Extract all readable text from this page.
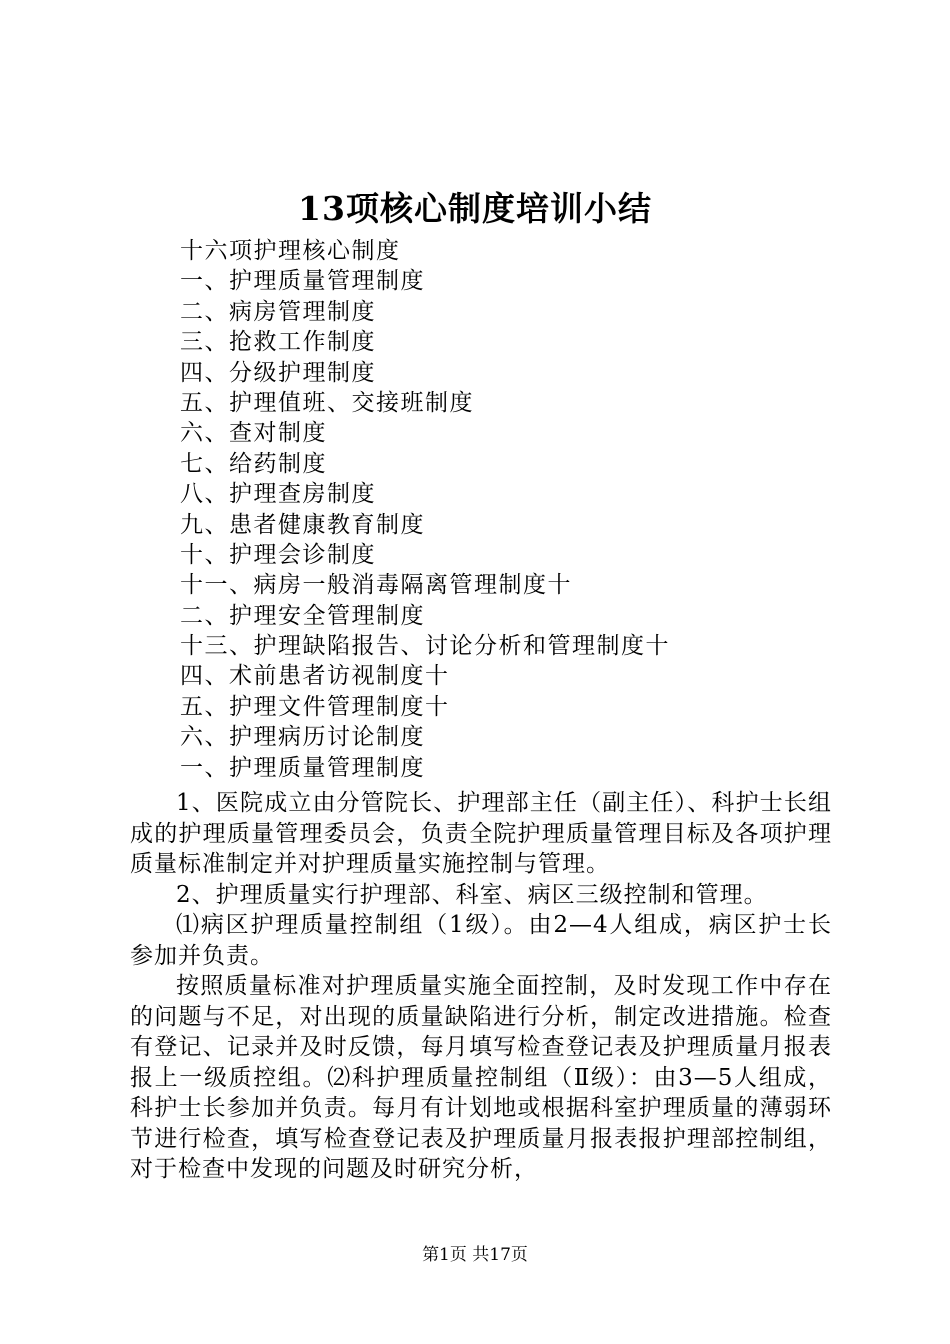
13项核心制度培训小结
十六项护理核心制度
一、护理质量管理制度
二、病房管理制度
三、抢救工作制度
四、分级护理制度
五、护理值班、交接班制度
六、查对制度
七、给药制度
八、护理查房制度
九、患者健康教育制度
十、护理会诊制度
十一、病房一般消毒隔离管理制度十
二、护理安全管理制度
十三、护理缺陷报告、讨论分析和管理制度十
四、术前患者访视制度十
五、护理文件管理制度十
六、护理病历讨论制度
一、护理质量管理制度

1、医院成立由分管院长、护理部主任（副主任）、科护士长组成的护理质量管理委员会，负责全院护理质量管理目标及各项护理质量标准制定并对护理质量实施控制与管理。

2、护理质量实行护理部、科室、病区三级控制和管理。

⑴病区护理质量控制组（1级）。由2—4人组成，病区护士长参加并负责。

按照质量标准对护理质量实施全面控制，及时发现工作中存在的问题与不足，对出现的质量缺陷进行分析，制定改进措施。检查有登记、记录并及时反馈，每月填写检查登记表及护理质量月报表报上一级质控组。⑵科护理质量控制组（Ⅱ级）：由3—5人组成，科护士长参加并负责。每月有计划地或根据科室护理质量的薄弱环节进行检查，填写检查登记表及护理质量月报表报护理部控制组，对于检查中发现的问题及时研究分析，

第1页 共17页
